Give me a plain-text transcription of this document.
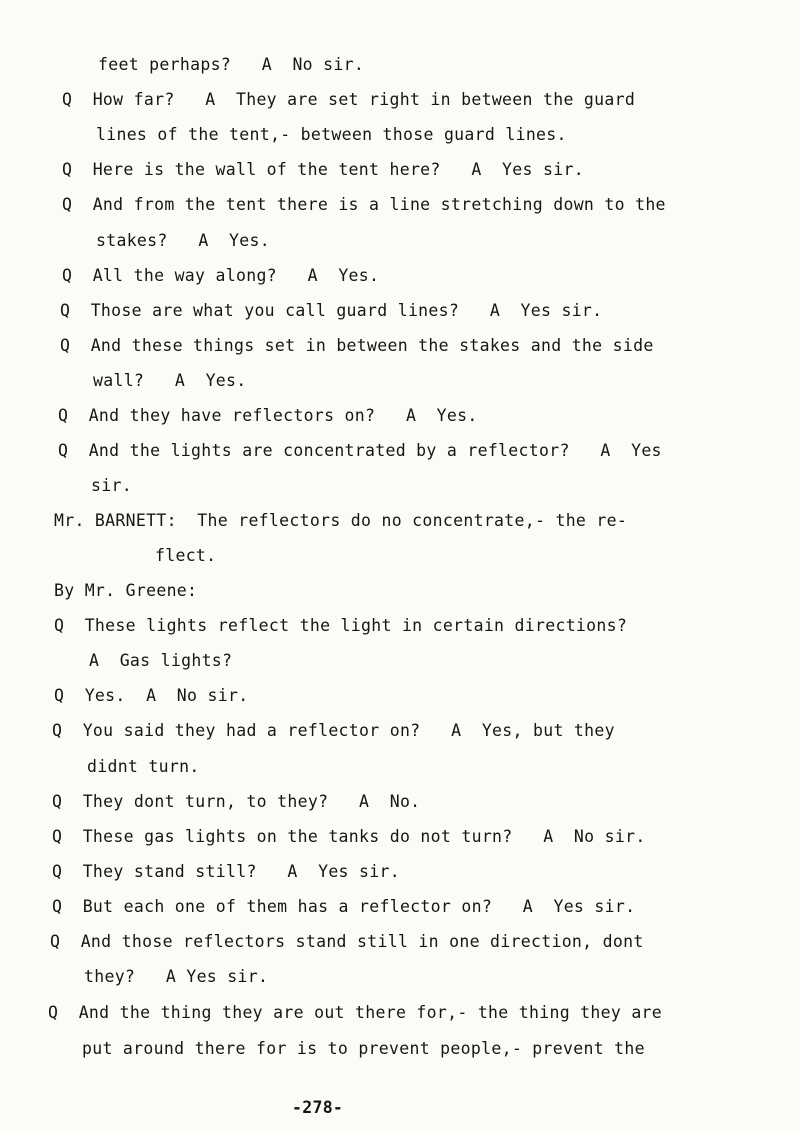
feet perhaps?   A  No sir.
Q  How far?   A  They are set right in between the guard
lines of the tent,- between those guard lines.
Q  Here is the wall of the tent here?   A  Yes sir.
Q  And from the tent there is a line stretching down to the
stakes?   A  Yes.
Q  All the way along?   A  Yes.
Q  Those are what you call guard lines?   A  Yes sir.
Q  And these things set in between the stakes and the side
wall?   A  Yes.
Q  And they have reflectors on?   A  Yes.
Q  And the lights are concentrated by a reflector?   A  Yes
sir.
Mr. BARNETT:  The reflectors do no concentrate,- the re-
flect.
By Mr. Greene:
Q  These lights reflect the light in certain directions?
A  Gas lights?
Q  Yes.  A  No sir.
Q  You said they had a reflector on?   A  Yes, but they
didnt turn.
Q  They dont turn, to they?   A  No.
Q  These gas lights on the tanks do not turn?   A  No sir.
Q  They stand still?   A  Yes sir.
Q  But each one of them has a reflector on?   A  Yes sir.
Q  And those reflectors stand still in one direction, dont
they?   A Yes sir.
Q  And the thing they are out there for,- the thing they are
put around there for is to prevent people,- prevent the
-278-
